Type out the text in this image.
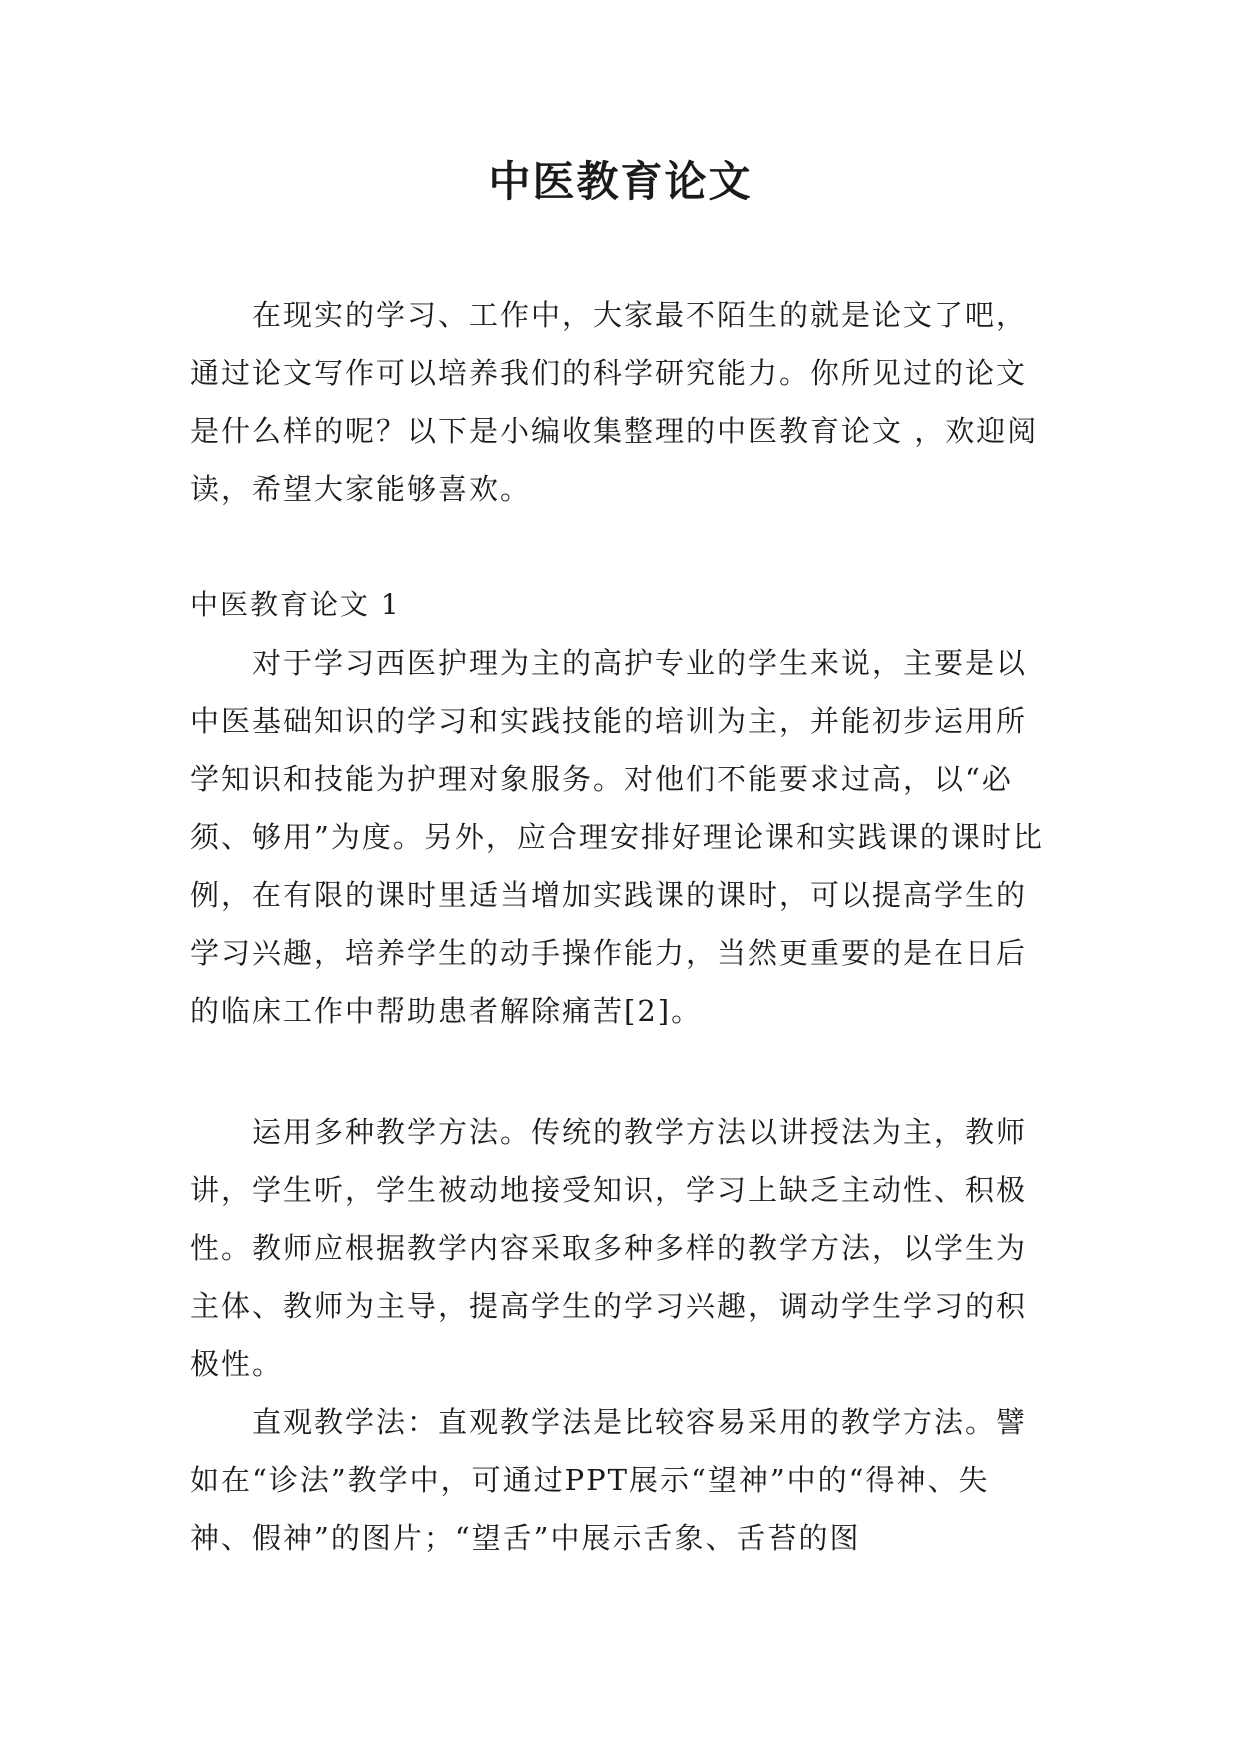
中医教育论文

在现实的学习、工作中，大家最不陌生的就是论文了吧，通过论文写作可以培养我们的科学研究能力。你所见过的论文是什么样的呢？以下是小编收集整理的中医教育论文 ，欢迎阅读，希望大家能够喜欢。

中医教育论文 1

对于学习西医护理为主的高护专业的学生来说，主要是以中医基础知识的学习和实践技能的培训为主，并能初步运用所学知识和技能为护理对象服务。对他们不能要求过高，以“必须、够用”为度。另外，应合理安排好理论课和实践课的课时比例，在有限的课时里适当增加实践课的课时，可以提高学生的学习兴趣，培养学生的动手操作能力，当然更重要的是在日后的临床工作中帮助患者解除痛苦[2]。

运用多种教学方法。传统的教学方法以讲授法为主，教师讲，学生听，学生被动地接受知识，学习上缺乏主动性、积极性。教师应根据教学内容采取多种多样的教学方法，以学生为主体、教师为主导，提高学生的学习兴趣，调动学生学习的积极性。

直观教学法：直观教学法是比较容易采用的教学方法。譬如在“诊法”教学中，可通过PPT展示“望神”中的“得神、失神、假神”的图片；“望舌”中展示舌象、舌苔的图
